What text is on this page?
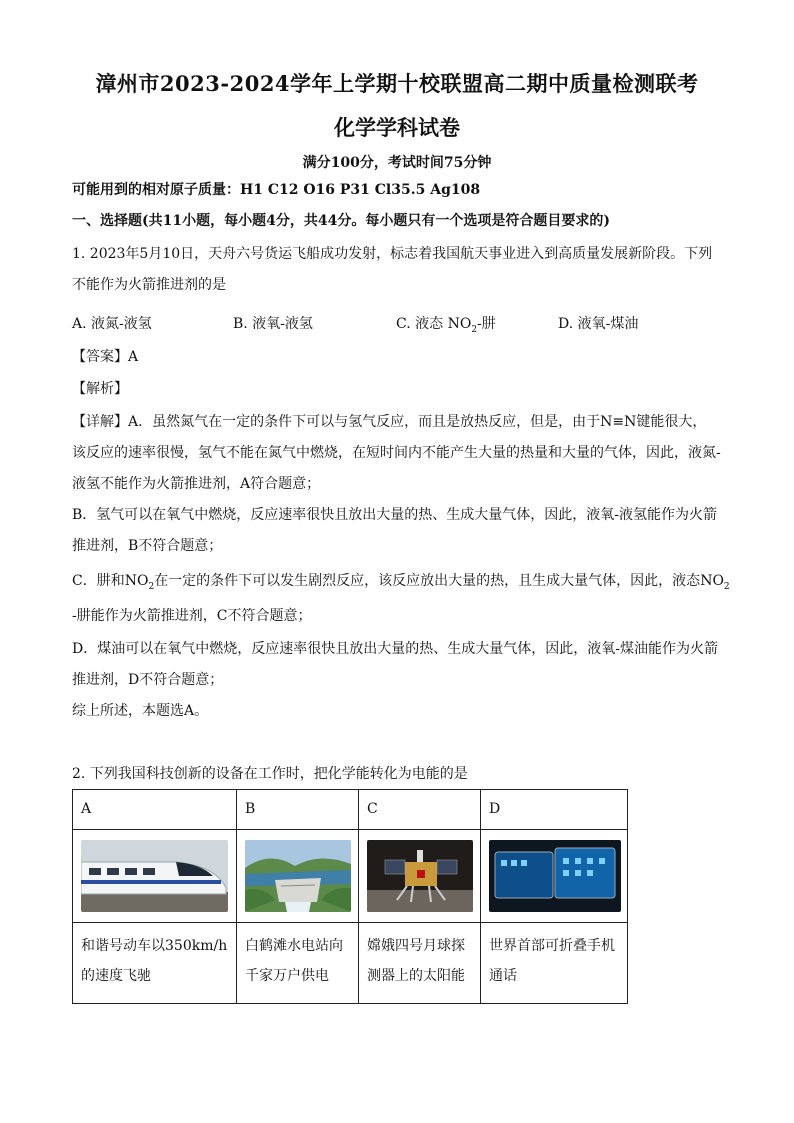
漳州市2023-2024学年上学期十校联盟高二期中质量检测联考
化学学科试卷
满分100分，考试时间75分钟
可能用到的相对原子质量：H1 C12 O16 P31 Cl35.5 Ag108
一、选择题(共11小题，每小题4分，共44分。每小题只有一个选项是符合题目要求的)
1. 2023年5月10日，天舟六号货运飞船成功发射，标志着我国航天事业进入到高质量发展新阶段。下列
不能作为火箭推进剂的是
A. 液氮-液氢	B. 液氧-液氢	C. 液态 $NO_2-$肼	D. 液氧-煤油
【答案】A
【解析】
【详解】A．虽然氮气在一定的条件下可以与氢气反应，而且是放热反应，但是，由于N≡N键能很大，
该反应的速率很慢，氢气不能在氮气中燃烧，在短时间内不能产生大量的热量和大量的气体，因此，液氮-
液氢不能作为火箭推进剂，A符合题意；
B．氢气可以在氧气中燃烧，反应速率很快且放出大量的热、生成大量气体，因此，液氧-液氢能作为火箭
推进剂，B不符合题意；
C．肼和$NO_2$在一定的条件下可以发生剧烈反应，该反应放出大量的热，且生成大量气体，因此，液态$NO_2$
-肼能作为火箭推进剂，C不符合题意；
D．煤油可以在氧气中燃烧，反应速率很快且放出大量的热、生成大量气体，因此，液氧-煤油能作为火箭
推进剂，D不符合题意；
综上所述，本题选A。
2. 下列我国科技创新的设备在工作时，把化学能转化为电能的是
A	B	C	D

和谐号动车以350km/h的速度飞驰	白鹤滩水电站向千家万户供电	嫦娥四号月球探测器上的太阳能	世界首部可折叠手机通话
